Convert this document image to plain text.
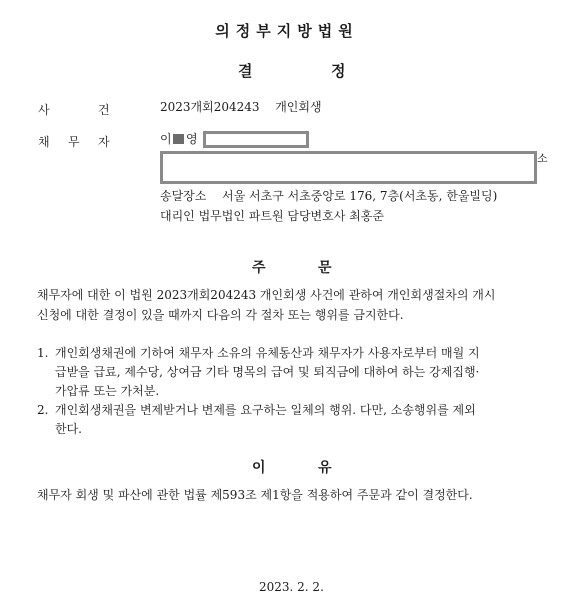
의정부지방법원
결	정
사	건	2023개회204243 개인회생
채 무 자	이 영
소
송달장소 서울 서초구 서초중앙로 176, 7층(서초동, 한울빌딩)
대리인 법무법인 파트원 담당변호사 최홍준
주	문
채무자에 대한 이 법원 2023개회204243 개인회생 사건에 관하여 개인회생절차의 개시
신청에 대한 결정이 있을 때까지 다음의 각 절차 또는 행위를 금지한다.
1. 개인회생채권에 기하여 채무자 소유의 유체동산과 채무자가 사용자로부터 매월 지
급받을 급료, 제수당, 상여금 기타 명목의 급여 및 퇴직금에 대하여 하는 강제집행·
가압류 또는 가처분.
2. 개인회생채권을 변제받거나 변제를 요구하는 일체의 행위. 다만, 소송행위를 제외
한다.
이	유
채무자 회생 및 파산에 관한 법률 제593조 제1항을 적용하여 주문과 같이 결정한다.
2023. 2. 2.
